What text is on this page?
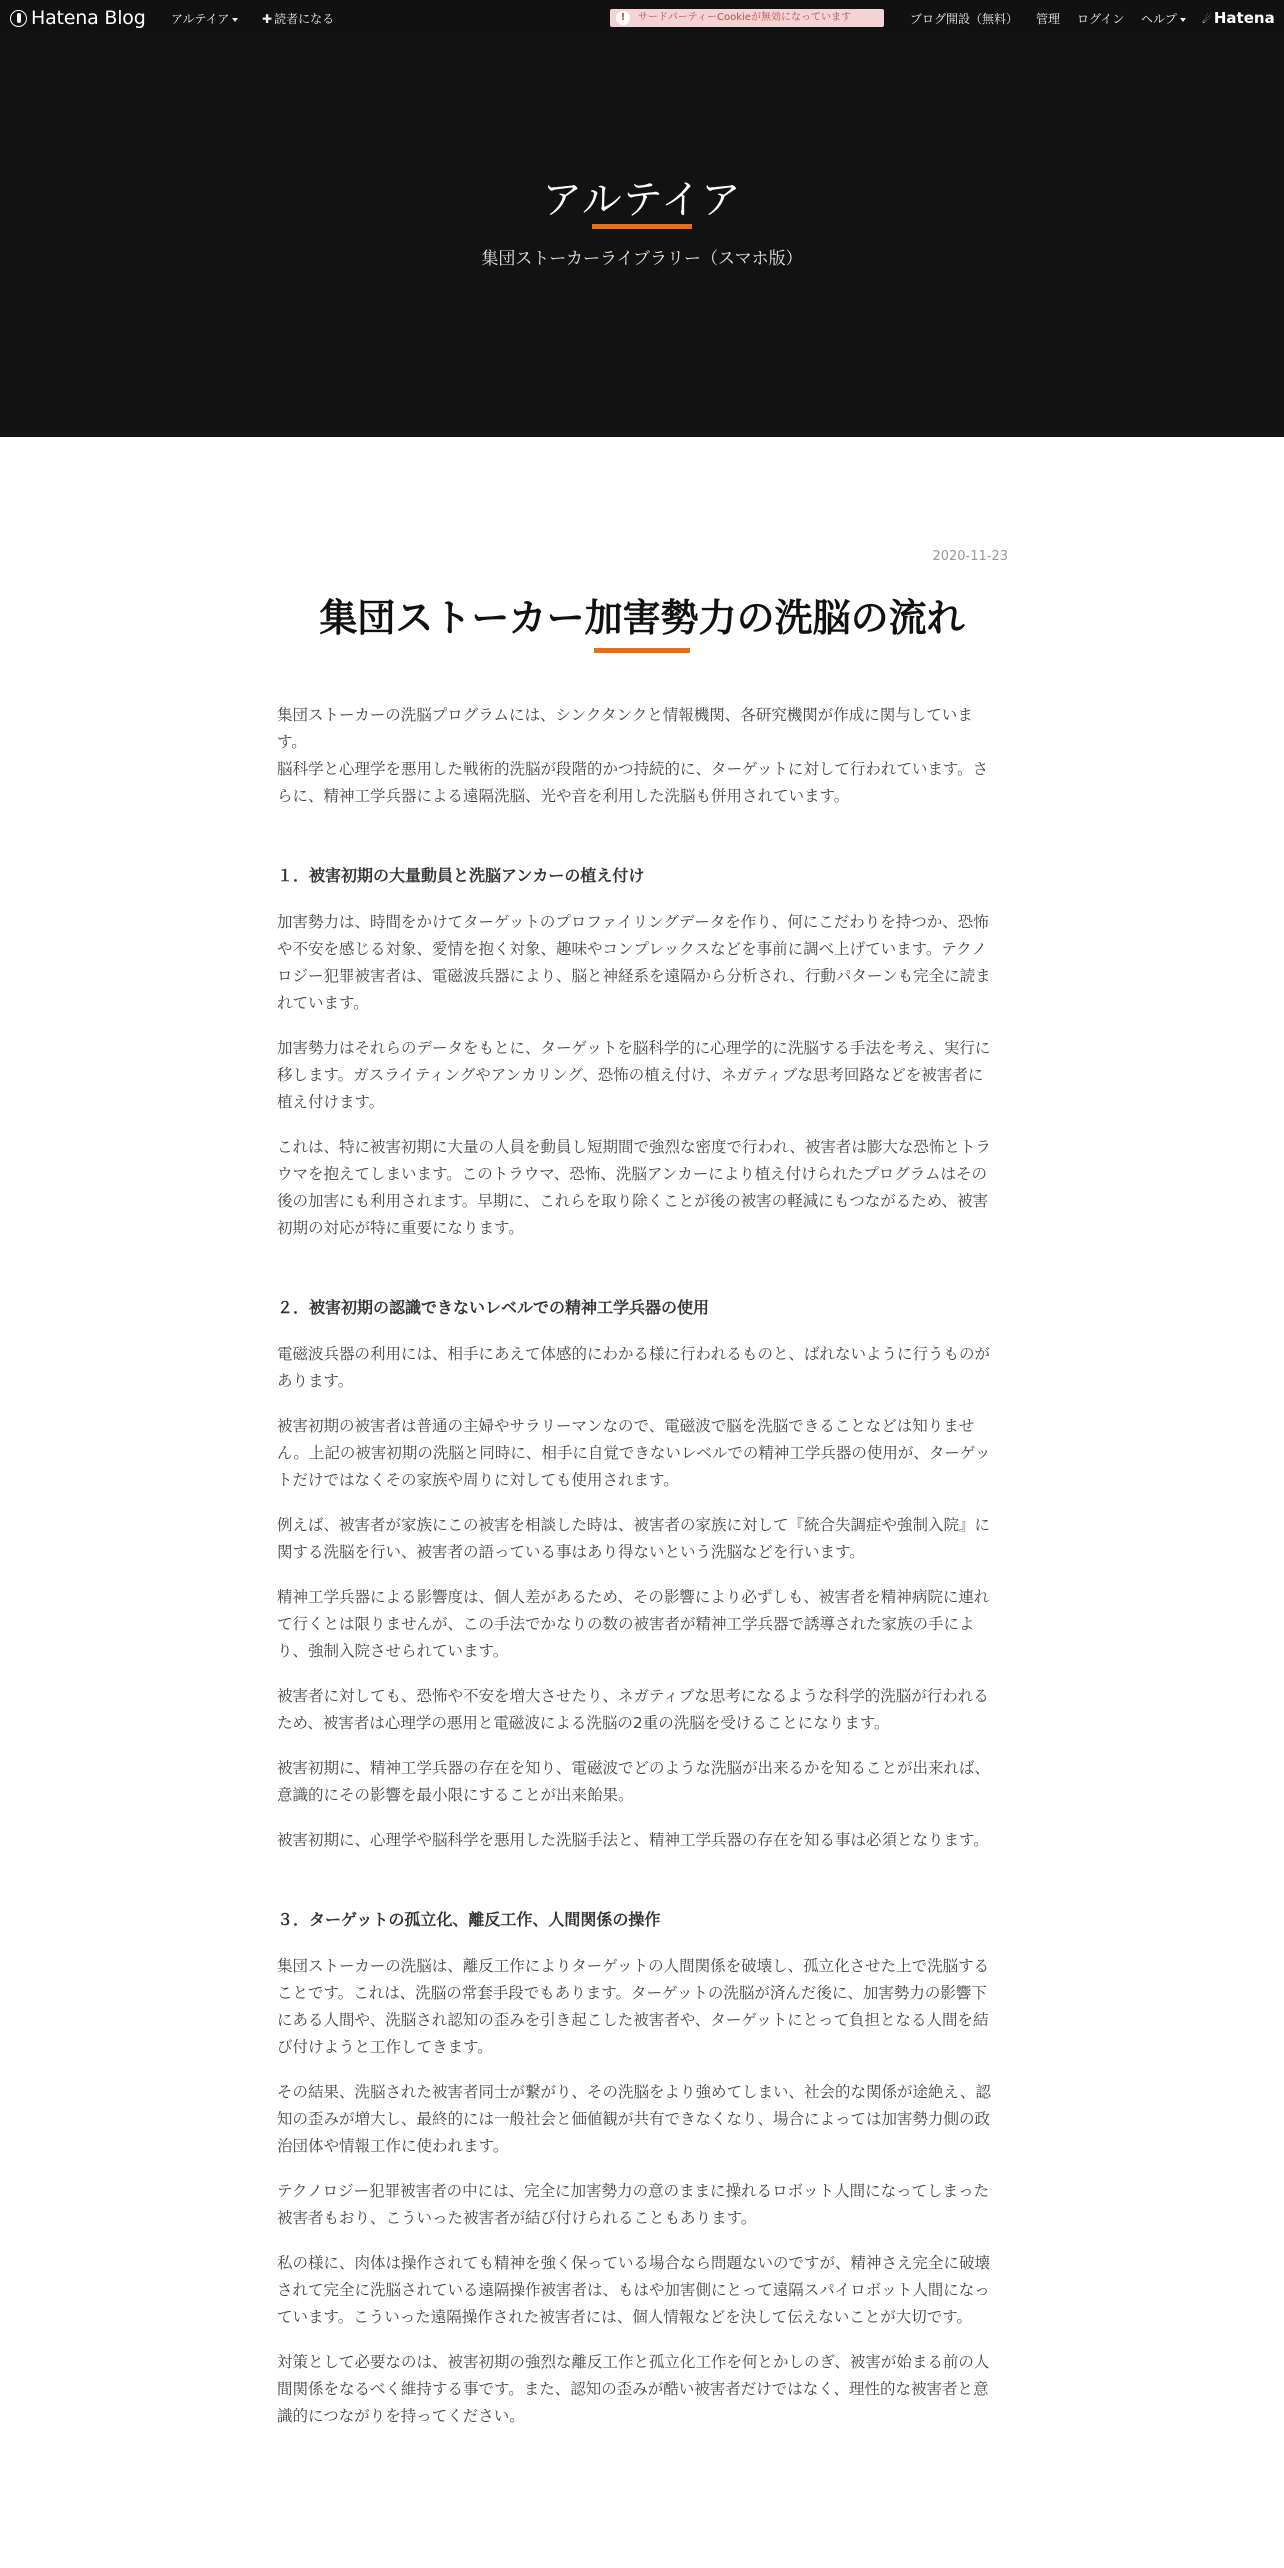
Hatena Blog アルテイア	✚ 読者になる	!	サードパーティーCookieが無効になっています	ブログ開設（無料） 管理 ログイン ヘルプ	☄ Hatena
アルテイア
集団ストーカーライブラリー（スマホ版）
2020-11-23
集団ストーカー加害勢力の洗脳の流れ

集団ストーカーの洗脳プログラムには、シンクタンクと情報機関、各研究機関が作成に関与しています。
脳科学と心理学を悪用した戦術的洗脳が段階的かつ持続的に、ターゲットに対して行われています。さらに、精神工学兵器による遠隔洗脳、光や音を利用した洗脳も併用されています。

１．被害初期の大量動員と洗脳アンカーの植え付け

加害勢力は、時間をかけてターゲットのプロファイリングデータを作り、何にこだわりを持つか、恐怖や不安を感じる対象、愛情を抱く対象、趣味やコンプレックスなどを事前に調べ上げています。テクノロジー犯罪被害者は、電磁波兵器により、脳と神経系を遠隔から分析され、行動パターンも完全に読まれています。

加害勢力はそれらのデータをもとに、ターゲットを脳科学的に心理学的に洗脳する手法を考え、実行に移します。ガスライティングやアンカリング、恐怖の植え付け、ネガティブな思考回路などを被害者に植え付けます。

これは、特に被害初期に大量の人員を動員し短期間で強烈な密度で行われ、被害者は膨大な恐怖とトラウマを抱えてしまいます。このトラウマ、恐怖、洗脳アンカーにより植え付けられたプログラムはその後の加害にも利用されます。早期に、これらを取り除くことが後の被害の軽減にもつながるため、被害初期の対応が特に重要になります。

２．被害初期の認識できないレベルでの精神工学兵器の使用

電磁波兵器の利用には、相手にあえて体感的にわかる様に行われるものと、ばれないように行うものがあります。

被害初期の被害者は普通の主婦やサラリーマンなので、電磁波で脳を洗脳できることなどは知りません。上記の被害初期の洗脳と同時に、相手に自覚できないレベルでの精神工学兵器の使用が、ターゲットだけではなくその家族や周りに対しても使用されます。

例えば、被害者が家族にこの被害を相談した時は、被害者の家族に対して『統合失調症や強制入院』に関する洗脳を行い、被害者の語っている事はあり得ないという洗脳などを行います。

精神工学兵器による影響度は、個人差があるため、その影響により必ずしも、被害者を精神病院に連れて行くとは限りませんが、この手法でかなりの数の被害者が精神工学兵器で誘導された家族の手により、強制入院させられています。

被害者に対しても、恐怖や不安を増大させたり、ネガティブな思考になるような科学的洗脳が行われるため、被害者は心理学の悪用と電磁波による洗脳の2重の洗脳を受けることになります。

被害初期に、精神工学兵器の存在を知り、電磁波でどのような洗脳が出来るかを知ることが出来れば、意識的にその影響を最小限にすることが出来飴果。

被害初期に、心理学や脳科学を悪用した洗脳手法と、精神工学兵器の存在を知る事は必須となります。

３．ターゲットの孤立化、離反工作、人間関係の操作

集団ストーカーの洗脳は、離反工作によりターゲットの人間関係を破壊し、孤立化させた上で洗脳することです。これは、洗脳の常套手段でもあります。ターゲットの洗脳が済んだ後に、加害勢力の影響下にある人間や、洗脳され認知の歪みを引き起こした被害者や、ターゲットにとって負担となる人間を結び付けようと工作してきます。

その結果、洗脳された被害者同士が繋がり、その洗脳をより強めてしまい、社会的な関係が途絶え、認知の歪みが増大し、最終的には一般社会と価値観が共有できなくなり、場合によっては加害勢力側の政治団体や情報工作に使われます。

テクノロジー犯罪被害者の中には、完全に加害勢力の意のままに操れるロボット人間になってしまった被害者もおり、こういった被害者が結び付けられることもあります。

私の様に、肉体は操作されても精神を強く保っている場合なら問題ないのですが、精神さえ完全に破壊されて完全に洗脳されている遠隔操作被害者は、もはや加害側にとって遠隔スパイロボット人間になっています。こういった遠隔操作された被害者には、個人情報などを決して伝えないことが大切です。

対策として必要なのは、被害初期の強烈な離反工作と孤立化工作を何とかしのぎ、被害が始まる前の人間関係をなるべく維持する事です。また、認知の歪みが酷い被害者だけではなく、理性的な被害者と意識的につながりを持ってください。
